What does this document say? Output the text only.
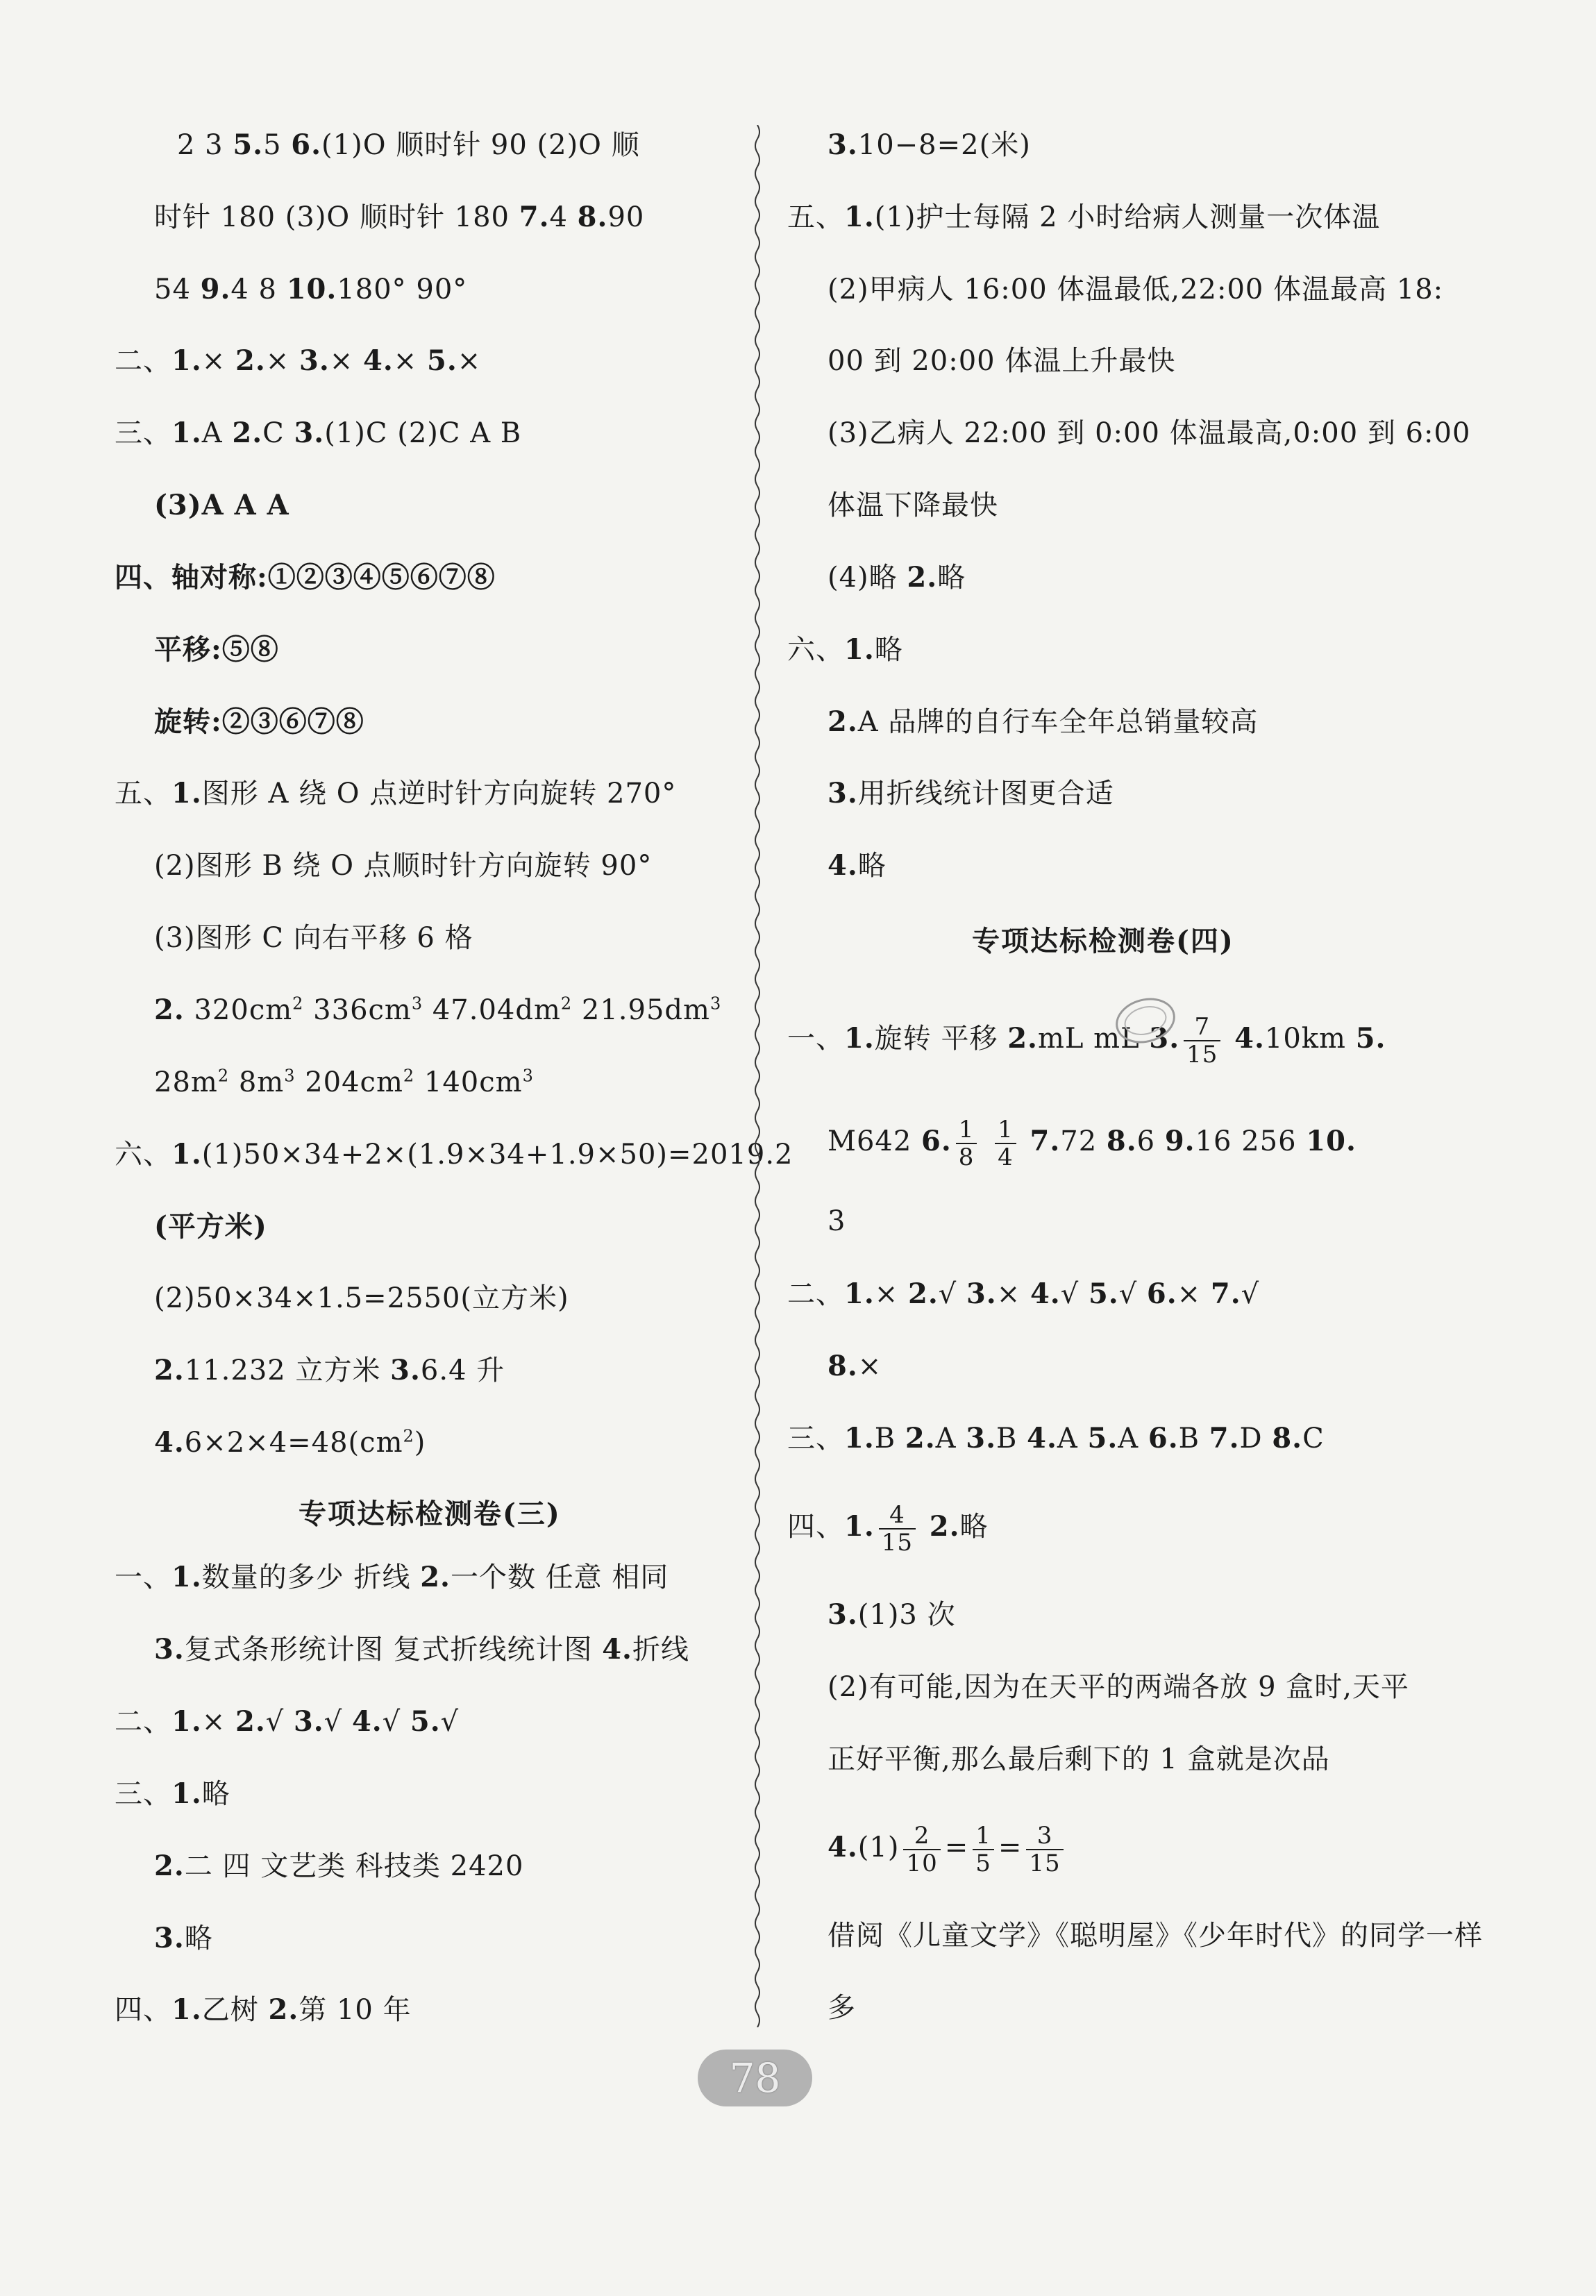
2 3 5.5 6.(1)O 顺时针 90 (2)O 顺
时针 180 (3)O 顺时针 180 7.4 8.90
54 9.4 8 10.180° 90°
二、1.× 2.× 3.× 4.× 5.×
三、1.A 2.C 3.(1)C (2)C A B
(3)A A A
四、轴对称:①②③④⑤⑥⑦⑧
平移:⑤⑧
旋转:②③⑥⑦⑧
五、1.图形 A 绕 O 点逆时针方向旋转 270°
(2)图形 B 绕 O 点顺时针方向旋转 90°
(3)图形 C 向右平移 6 格
2. $320cm^2$ $336cm^3$ $47.04dm^2$ $21.95dm^3$
$28m^2$ $8m^3$ $204cm^2$ $140cm^3$
六、1.(1)50×34+2×(1.9×34+1.9×50)=2019.2
(平方米)
(2)50×34×1.5=2550(立方米)
2.11.232 立方米 3.6.4 升
$4.6\times 2\times 4=48(cm^2)$
专项达标检测卷(三)
一、1.数量的多少 折线 2.一个数 任意 相同
3.复式条形统计图 复式折线统计图 4.折线
二、1.× 2.√ 3.√ 4.√ 5.√
三、1.略
2.二 四 文艺类 科技类 2420
3.略
四、1.乙树 2.第 10 年
3.10−8=2(米)
五、1.(1)护士每隔 2 小时给病人测量一次体温
(2)甲病人 16:00 体温最低,22:00 体温最高 18:
00 到 20:00 体温上升最快
(3)乙病人 22:00 到 0:00 体温最高,0:00 到 6:00
体温下降最快
(4)略 2.略
六、1.略
2.A 品牌的自行车全年总销量较高
3.用折线统计图更合适
4.略
专项达标检测卷(四)
一、1.旋转 平移 2.mL mL 3. $\frac{7}{15} 4.10km$ 5.
M642 6. $\frac{1}{8}$
$\frac{1}{4} 7.72$ 8.6 9.16 256 10.
3
二、1.× 2.√ 3.× 4.√ 5.√ 6.× 7.√
8.×
三、1.B 2.A 3.B 4.A 5.A 6.B 7.D 8.C
四、1. $\frac{4}{15} 2$.略
3.(1)3 次
(2)有可能,因为在天平的两端各放 9 盒时,天平
正好平衡,那么最后剩下的 1 盒就是次品
$4.(1) \frac{2}{10} = \frac{1}{5} = \frac{3}{15}$
借阅《儿童文学》《聪明屋》《少年时代》的同学一样
多
78
